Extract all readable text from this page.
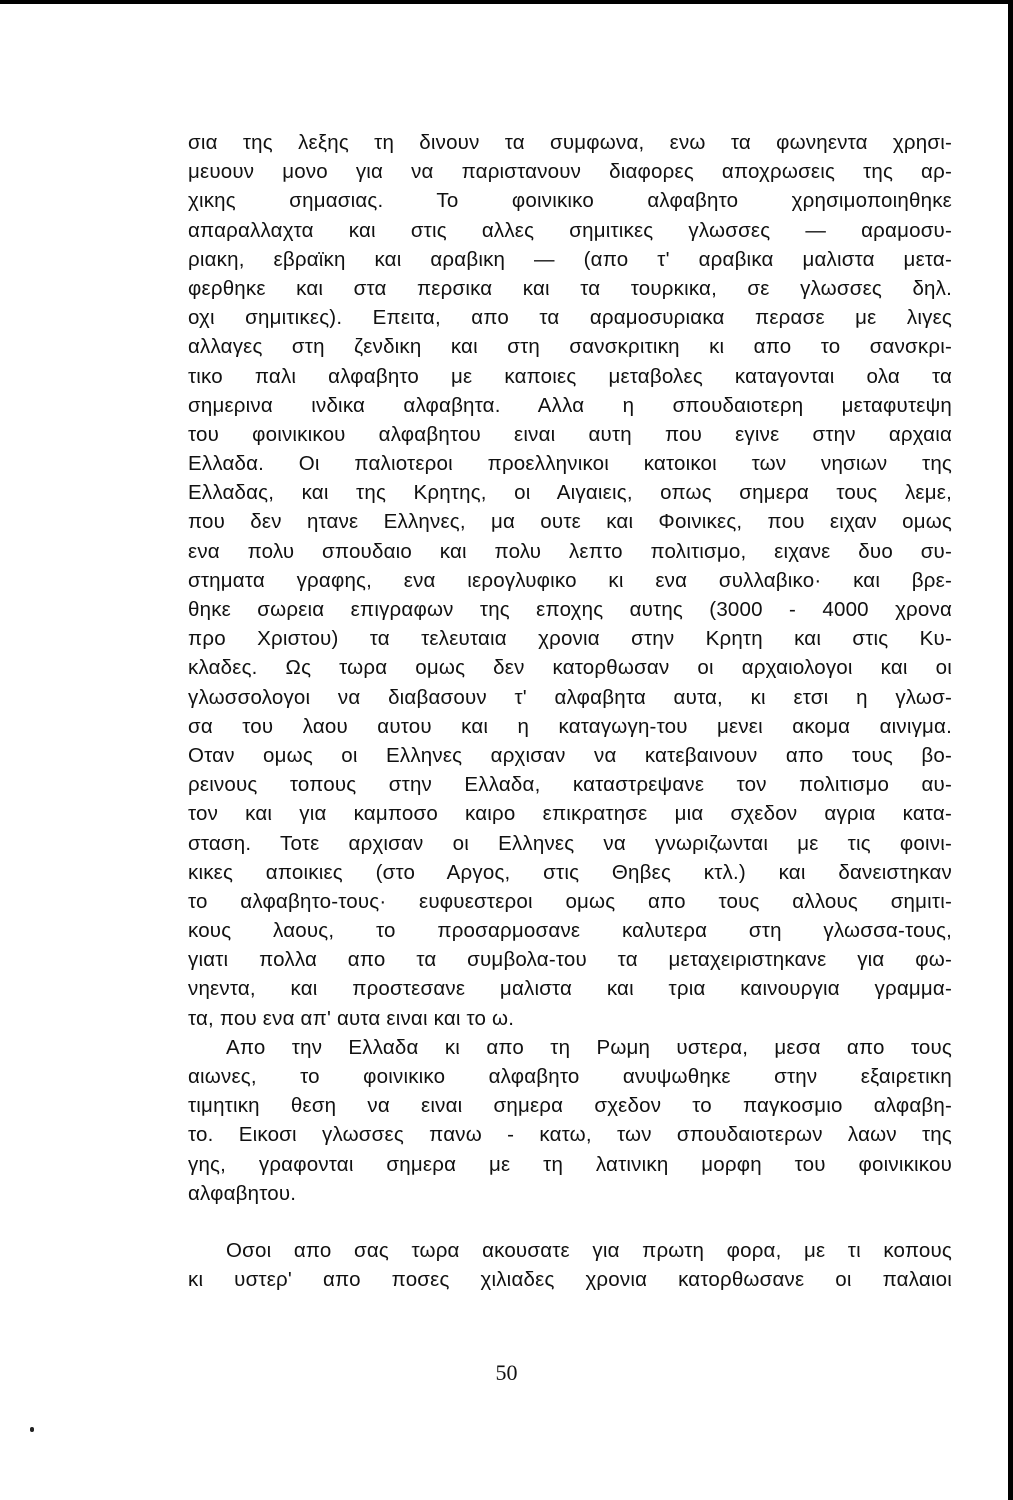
σια της λεξης τη δινουν τα συμφωνα, ενω τα φωνηεντα χρησι-
μευουν μονο για να παριστανουν διαφορες αποχρωσεις της αρ-
χικης σημασιας. Το φοινικικο αλφαβητο χρησιμοποιηθηκε
απαραλλαχτα και στις αλλες σημιτικες γλωσσες — αραμοσυ-
ριακη, εβραϊκη και αραβικη — (απο τ' αραβικα μαλιστα μετα-
φερθηκε και στα περσικα και τα τουρκικα, σε γλωσσες δηλ.
οχι σημιτικες). Επειτα, απο τα αραμοσυριακα περασε με λιγες
αλλαγες στη ζενδικη και στη σανσκριτικη κι απο το σανσκρι-
τικο παλι αλφαβητο με καποιες μεταβολες καταγονται ολα τα
σημερινα ινδικα αλφαβητα. Αλλα η σπουδαιοτερη μεταφυτεψη
του φοινικικου αλφαβητου ειναι αυτη που εγινε στην αρχαια
Ελλαδα. Οι παλιοτεροι προελληνικοι κατοικοι των νησιων της
Ελλαδας, και της Κρητης, οι Αιγαιεις, οπως σημερα τους λεμε,
που δεν ητανε Ελληνες, μα ουτε και Φοινικες, που ειχαν ομως
ενα πολυ σπουδαιο και πολυ λεπτο πολιτισμο, ειχανε δυο συ-
στηματα γραφης, ενα ιερογλυφικο κι ενα συλλαβικο· και βρε-
θηκε σωρεια επιγραφων της εποχης αυτης (3000 - 4000 χρονα
προ Χριστου) τα τελευταια χρονια στην Κρητη και στις Κυ-
κλαδες. Ως τωρα ομως δεν κατορθωσαν οι αρχαιολογοι και οι
γλωσσολογοι να διαβασουν τ' αλφαβητα αυτα, κι ετσι η γλωσ-
σα του λαου αυτου και η καταγωγη-του μενει ακομα αινιγμα.
Οταν ομως οι Ελληνες αρχισαν να κατεβαινουν απο τους βο-
ρεινους τοπους στην Ελλαδα, καταστρεψανε τον πολιτισμο αυ-
τον και για καμποσο καιρο επικρατησε μια σχεδον αγρια κατα-
σταση. Τοτε αρχισαν οι Ελληνες να γνωριζωνται με τις φοινι-
κικες αποικιες (στο Αργος, στις Θηβες κτλ.) και δανειστηκαν
το αλφαβητο-τους· ευφυεστεροι ομως απο τους αλλους σημιτι-
κους λαους, το προσαρμοσανε καλυτερα στη γλωσσα-τους,
γιατι πολλα απο τα συμβολα-του τα μεταχειριστηκανε για φω-
νηεντα, και προστεσανε μαλιστα και τρια καινουργια γραμμα-
τα, που ενα απ' αυτα ειναι και το ω.

Απο την Ελλαδα κι απο τη Ρωμη υστερα, μεσα απο τους
αιωνες, το φοινικικο αλφαβητο ανυψωθηκε στην εξαιρετικη
τιμητικη θεση να ειναι σημερα σχεδον το παγκοσμιο αλφαβη-
το. Εικοσι γλωσσες πανω - κατω, των σπουδαιοτερων λαων της
γης, γραφονται σημερα με τη λατινικη μορφη του φοινικικου
αλφαβητου.

Οσοι απο σας τωρα ακουσατε για πρωτη φορα, με τι κοπους
κι υστερ' απο ποσες χιλιαδες χρονια κατορθωσανε οι παλαιοι

50
